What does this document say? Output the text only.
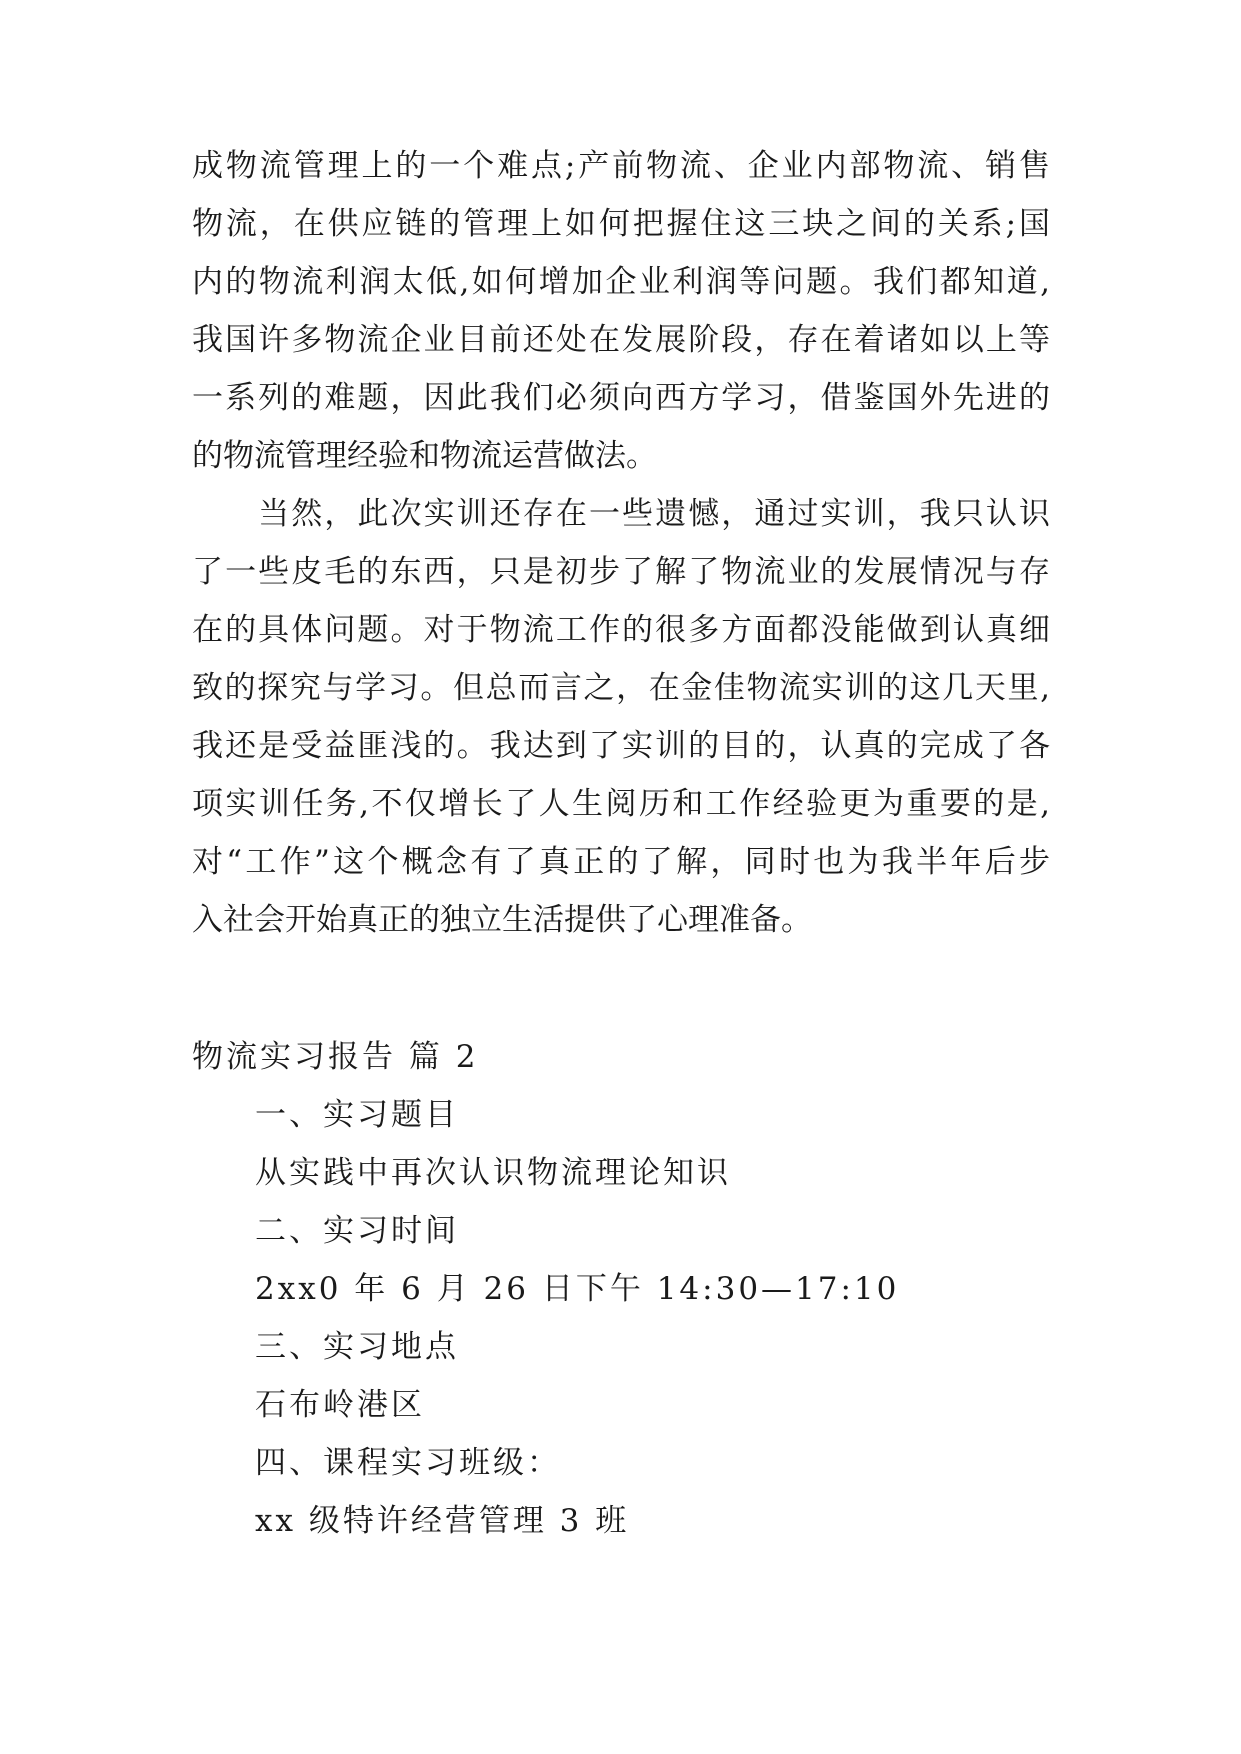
成物流管理上的一个难点;产前物流、企业内部物流、销售
物流，在供应链的管理上如何把握住这三块之间的关系;国
内的物流利润太低,如何增加企业利润等问题。我们都知道,
我国许多物流企业目前还处在发展阶段，存在着诸如以上等
一系列的难题，因此我们必须向西方学习，借鉴国外先进的
的物流管理经验和物流运营做法。
　　当然，此次实训还存在一些遗憾，通过实训，我只认识
了一些皮毛的东西，只是初步了解了物流业的发展情况与存
在的具体问题。对于物流工作的很多方面都没能做到认真细
致的探究与学习。但总而言之，在金佳物流实训的这几天里,
我还是受益匪浅的。我达到了实训的目的，认真的完成了各
项实训任务,不仅增长了人生阅历和工作经验更为重要的是,
对“工作”这个概念有了真正的了解，同时也为我半年后步
入社会开始真正的独立生活提供了心理准备。
物流实习报告 篇 2
一、实习题目
从实践中再次认识物流理论知识
二、实习时间
2xx0 年 6 月 26 日下午 14:30—17:10
三、实习地点
石布岭港区
四、课程实习班级：
xx 级特许经营管理 3 班
